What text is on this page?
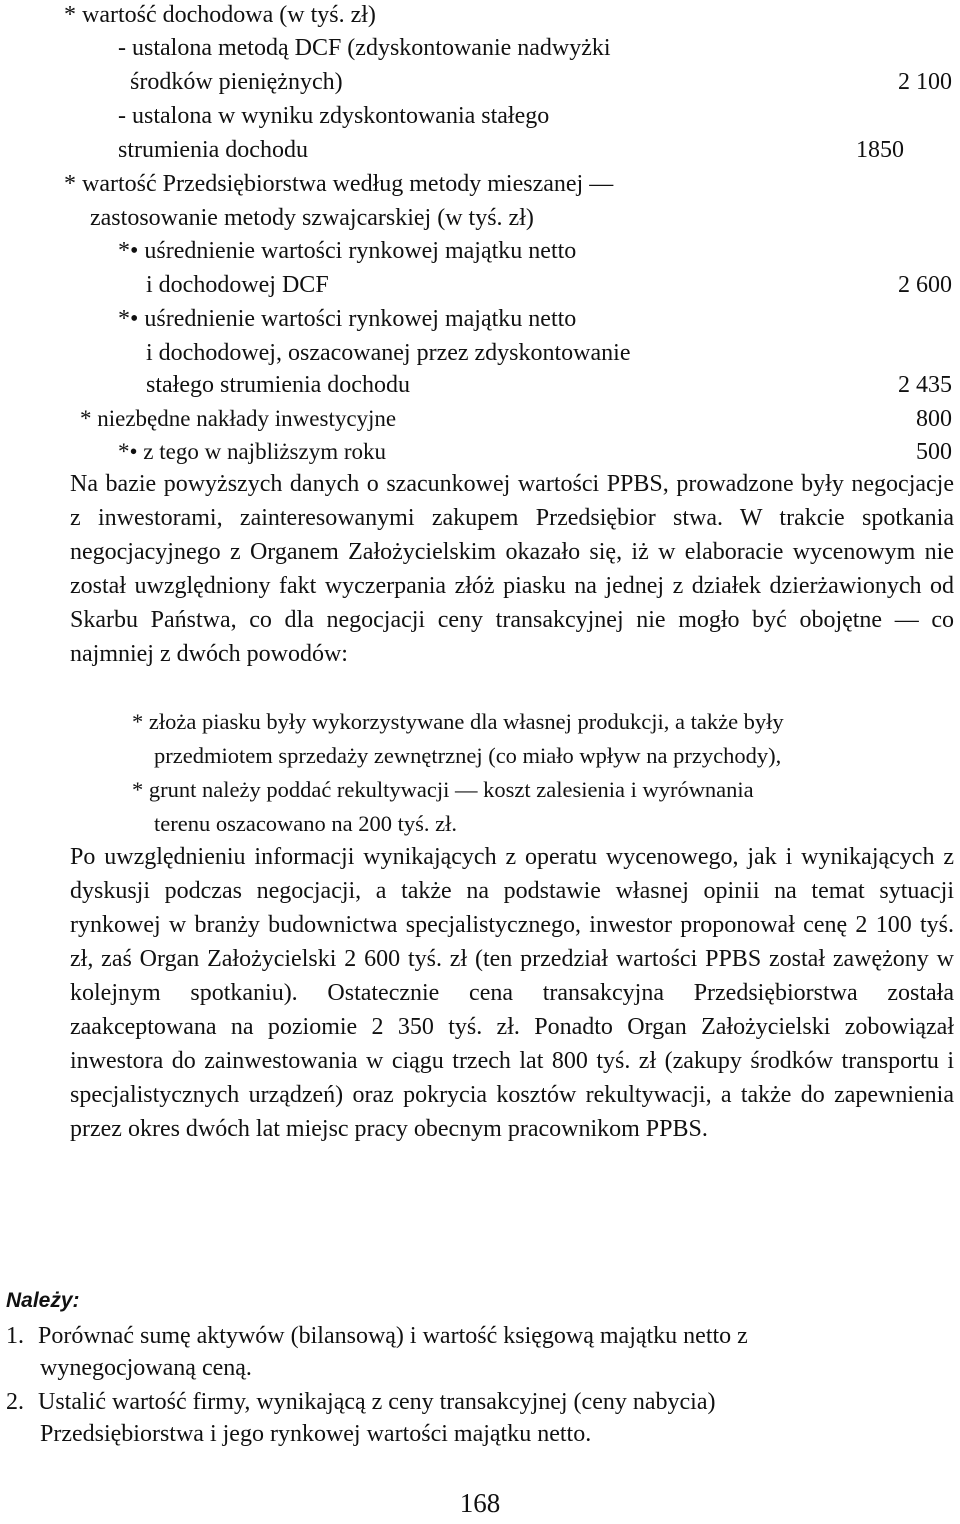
* wartość dochodowa (w tyś. zł)
- ustalona metodą DCF (zdyskontowanie nadwyżki
środków pieniężnych)	2 100
- ustalona w wyniku zdyskontowania stałego
strumienia dochodu	1850
* wartość Przedsiębiorstwa według metody mieszanej —
zastosowanie metody szwajcarskiej (w tyś. zł)
*• uśrednienie wartości rynkowej majątku netto
i dochodowej DCF	2 600
*• uśrednienie wartości rynkowej majątku netto
i dochodowej, oszacowanej przez zdyskontowanie
stałego strumienia dochodu	2 435
* niezbędne nakłady inwestycyjne	800
*• z tego w najbliższym roku	500
Na bazie powyższych danych o szacunkowej wartości PPBS, prowadzone były negocjacje z inwestorami, zainteresowanymi zakupem Przedsiębior stwa. W trakcie spotkania negocjacyjnego z Organem Założycielskim okazało się, iż w elaboracie wycenowym nie został uwzględniony fakt wyczerpania złóż piasku na jednej z działek dzierżawionych od Skarbu Państwa, co dla negocjacji ceny transakcyjnej nie mogło być obojętne — co najmniej z dwóch powodów:
* złoża piasku były wykorzystywane dla własnej produkcji, a także były
przedmiotem sprzedaży zewnętrznej (co miało wpływ na przychody),
* grunt należy poddać rekultywacji — koszt zalesienia i wyrównania
terenu oszacowano na 200 tyś. zł.
Po uwzględnieniu informacji wynikających z operatu wycenowego, jak i wynikających z dyskusji podczas negocjacji, a także na podstawie własnej opinii na temat sytuacji rynkowej w branży budownictwa specjalistycznego, inwestor proponował cenę 2 100 tyś. zł, zaś Organ Założycielski 2 600 tyś. zł (ten przedział wartości PPBS został zawężony w kolejnym spotkaniu). Ostatecznie cena transakcyjna Przedsiębiorstwa została zaakceptowana na poziomie 2 350 tyś. zł. Ponadto Organ Założycielski zobowiązał inwestora do zainwestowania w ciągu trzech lat 800 tyś. zł (zakupy środków transportu i specjalistycznych urządzeń) oraz pokrycia kosztów rekultywacji, a także do zapewnienia przez okres dwóch lat miejsc pracy obecnym pracownikom PPBS.
Należy:
1. Porównać sumę aktywów (bilansową) i wartość księgową majątku netto z
wynegocjowaną ceną.
2. Ustalić wartość firmy, wynikającą z ceny transakcyjnej (ceny nabycia)
Przedsiębiorstwa i jego rynkowej wartości majątku netto.
168
